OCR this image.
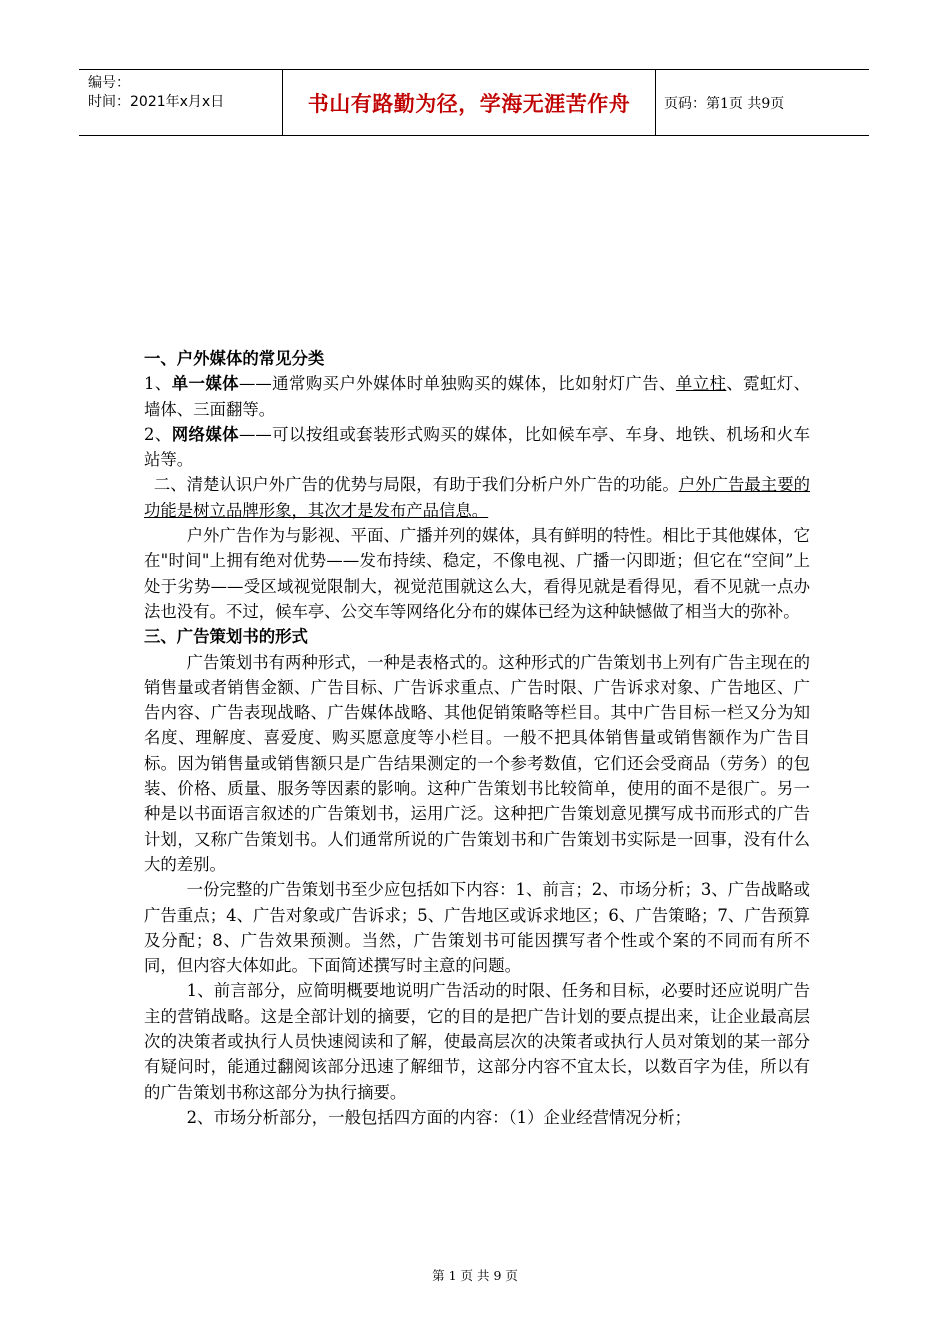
编号：
时间：2021年x月x日	书山有路勤为径，学海无涯苦作舟	页码：第1页 共9页

一、户外媒体的常见分类

1、单一媒体——通常购买户外媒体时单独购买的媒体，比如射灯广告、单立柱、霓虹灯、墙体、三面翻等。

2、网络媒体——可以按组或套装形式购买的媒体，比如候车亭、车身、地铁、机场和火车站等。

二、清楚认识户外广告的优势与局限，有助于我们分析户外广告的功能。户外广告最主要的功能是树立品牌形象，其次才是发布产品信息。

户外广告作为与影视、平面、广播并列的媒体，具有鲜明的特性。相比于其他媒体，它在"时间"上拥有绝对优势——发布持续、稳定，不像电视、广播一闪即逝；但它在“空间”上处于劣势——受区域视觉限制大，视觉范围就这么大，看得见就是看得见，看不见就一点办法也没有。不过，候车亭、公交车等网络化分布的媒体已经为这种缺憾做了相当大的弥补。

三、广告策划书的形式

广告策划书有两种形式，一种是表格式的。这种形式的广告策划书上列有广告主现在的销售量或者销售金额、广告目标、广告诉求重点、广告时限、广告诉求对象、广告地区、广告内容、广告表现战略、广告媒体战略、其他促销策略等栏目。其中广告目标一栏又分为知名度、理解度、喜爱度、购买愿意度等小栏目。一般不把具体销售量或销售额作为广告目标。因为销售量或销售额只是广告结果测定的一个参考数值，它们还会受商品（劳务）的包装、价格、质量、服务等因素的影响。这种广告策划书比较简单，使用的面不是很广。另一种是以书面语言叙述的广告策划书，运用广泛。这种把广告策划意见撰写成书而形式的广告计划，又称广告策划书。人们通常所说的广告策划书和广告策划书实际是一回事，没有什么大的差别。

一份完整的广告策划书至少应包括如下内容：1、前言；2、市场分析；3、广告战略或广告重点；4、广告对象或广告诉求；5、广告地区或诉求地区；6、广告策略；7、广告预算及分配；8、广告效果预测。当然，广告策划书可能因撰写者个性或个案的不同而有所不同，但内容大体如此。下面简述撰写时主意的问题。

1、前言部分，应简明概要地说明广告活动的时限、任务和目标，必要时还应说明广告主的营销战略。这是全部计划的摘要，它的目的是把广告计划的要点提出来，让企业最高层次的决策者或执行人员快速阅读和了解，使最高层次的决策者或执行人员对策划的某一部分有疑问时，能通过翻阅该部分迅速了解细节，这部分内容不宜太长，以数百字为佳，所以有的广告策划书称这部分为执行摘要。

2、市场分析部分，一般包括四方面的内容：（1）企业经营情况分析；

第 1 页 共 9 页
